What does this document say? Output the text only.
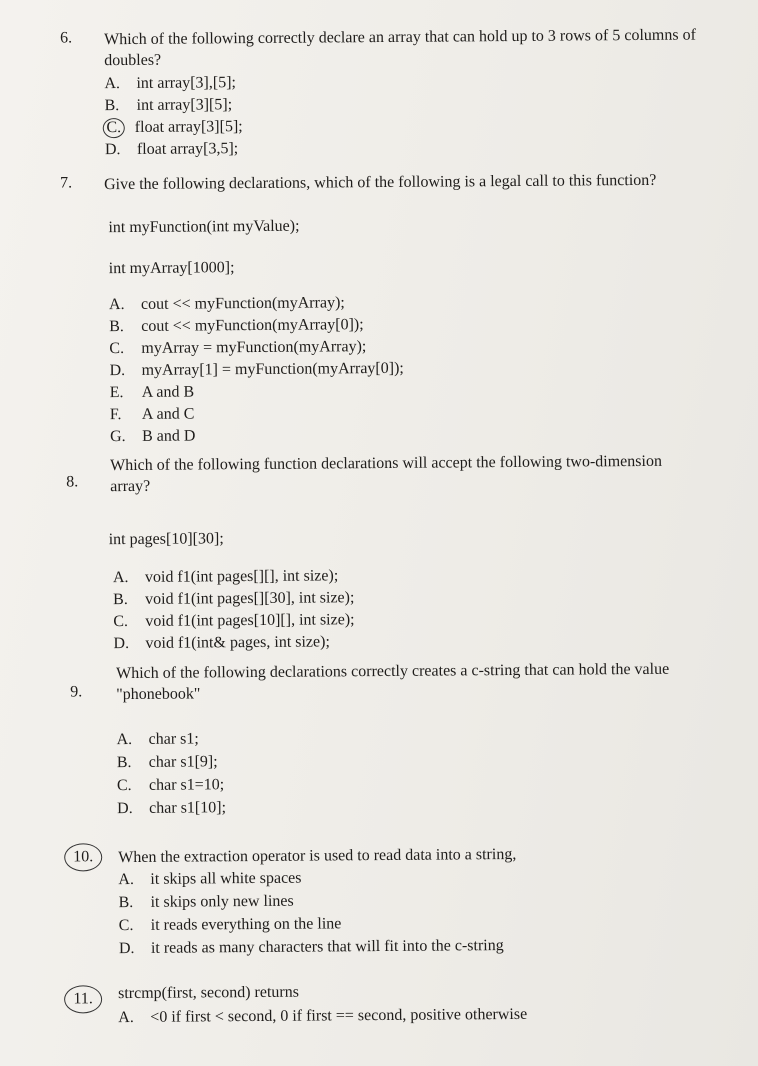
6. Which of the following correctly declare an array that can hold up to 3 rows of 5 columns of doubles?
A. int array[3],[5];
B. int array[3][5];
C. float array[3][5];
D. float array[3,5];
7. Give the following declarations, which of the following is a legal call to this function?
int myFunction(int myValue);
int myArray[1000];
A. cout << myFunction(myArray);
B. cout << myFunction(myArray[0]);
C. myArray = myFunction(myArray);
D. myArray[1] = myFunction(myArray[0]);
E. A and B
F. A and C
G. B and D
8.
Which of the following function declarations will accept the following two-dimension array?
int pages[10][30];
A. void f1(int pages[][], int size);
B. void f1(int pages[][30], int size);
C. void f1(int pages[10][], int size);
D. void f1(int& pages, int size);
9.
Which of the following declarations correctly creates a c-string that can hold the value "phonebook"
A. char s1;
B. char s1[9];
C. char s1=10;
D. char s1[10];
10.	When the extraction operator is used to read data into a string,
A. it skips all white spaces
B. it skips only new lines
C. it reads everything on the line
D. it reads as many characters that will fit into the c-string
11.	strcmp(first, second) returns
A. <0 if first < second, 0 if first == second, positive otherwise
